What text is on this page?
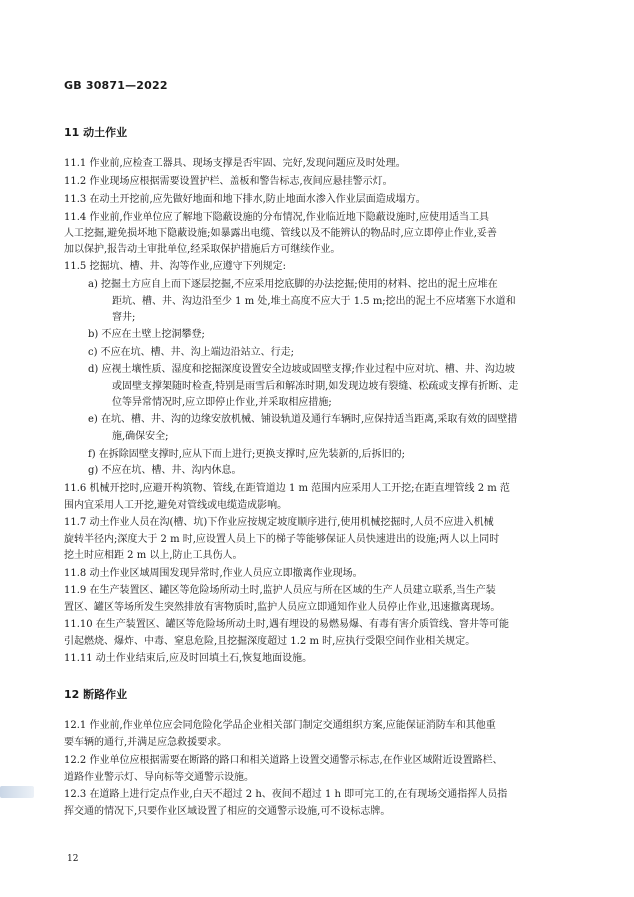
GB 30871—2022
11 动土作业
11.1 作业前,应检查工器具、现场支撑是否牢固、完好,发现问题应及时处理。
11.2 作业现场应根据需要设置护栏、盖板和警告标志,夜间应悬挂警示灯。
11.3 在动土开挖前,应先做好地面和地下排水,防止地面水渗入作业层面造成塌方。
11.4 作业前,作业单位应了解地下隐蔽设施的分布情况,作业临近地下隐蔽设施时,应使用适当工具
人工挖掘,避免损坏地下隐蔽设施;如暴露出电缆、管线以及不能辨认的物品时,应立即停止作业,妥善
加以保护,报告动土审批单位,经采取保护措施后方可继续作业。
11.5 挖掘坑、槽、井、沟等作业,应遵守下列规定:
a) 挖掘土方应自上而下逐层挖掘,不应采用挖底脚的办法挖掘;使用的材料、挖出的泥土应堆在
距坑、槽、井、沟边沿至少 1 m 处,堆土高度不应大于 1.5 m;挖出的泥土不应堵塞下水道和
窨井;
b) 不应在土壁上挖洞攀登;
c) 不应在坑、槽、井、沟上端边沿站立、行走;
d) 应视土壤性质、湿度和挖掘深度设置安全边坡或固壁支撑;作业过程中应对坑、槽、井、沟边坡
或固壁支撑架随时检查,特别是雨雪后和解冻时期,如发现边坡有裂缝、松疏或支撑有折断、走
位等异常情况时,应立即停止作业,并采取相应措施;
e) 在坑、槽、井、沟的边缘安放机械、铺设轨道及通行车辆时,应保持适当距离,采取有效的固壁措
施,确保安全;
f) 在拆除固壁支撑时,应从下而上进行;更换支撑时,应先装新的,后拆旧的;
g) 不应在坑、槽、井、沟内休息。
11.6 机械开挖时,应避开构筑物、管线,在距管道边 1 m 范围内应采用人工开挖;在距直埋管线 2 m 范
围内宜采用人工开挖,避免对管线或电缆造成影响。
11.7 动土作业人员在沟(槽、坑)下作业应按规定坡度顺序进行,使用机械挖掘时,人员不应进入机械
旋转半径内;深度大于 2 m 时,应设置人员上下的梯子等能够保证人员快速进出的设施;两人以上同时
挖土时应相距 2 m 以上,防止工具伤人。
11.8 动土作业区域周围发现异常时,作业人员应立即撤离作业现场。
11.9 在生产装置区、罐区等危险场所动土时,监护人员应与所在区域的生产人员建立联系,当生产装
置区、罐区等场所发生突然排放有害物质时,监护人员应立即通知作业人员停止作业,迅速撤离现场。
11.10 在生产装置区、罐区等危险场所动土时,遇有埋设的易燃易爆、有毒有害介质管线、窨井等可能
引起燃烧、爆炸、中毒、窒息危险,且挖掘深度超过 1.2 m 时,应执行受限空间作业相关规定。
11.11 动土作业结束后,应及时回填土石,恢复地面设施。
12 断路作业
12.1 作业前,作业单位应会同危险化学品企业相关部门制定交通组织方案,应能保证消防车和其他重
要车辆的通行,并满足应急救援要求。
12.2 作业单位应根据需要在断路的路口和相关道路上设置交通警示标志,在作业区域附近设置路栏、
道路作业警示灯、导向标等交通警示设施。
12.3 在道路上进行定点作业,白天不超过 2 h、夜间不超过 1 h 即可完工的,在有现场交通指挥人员指
挥交通的情况下,只要作业区域设置了相应的交通警示设施,可不设标志牌。
12
